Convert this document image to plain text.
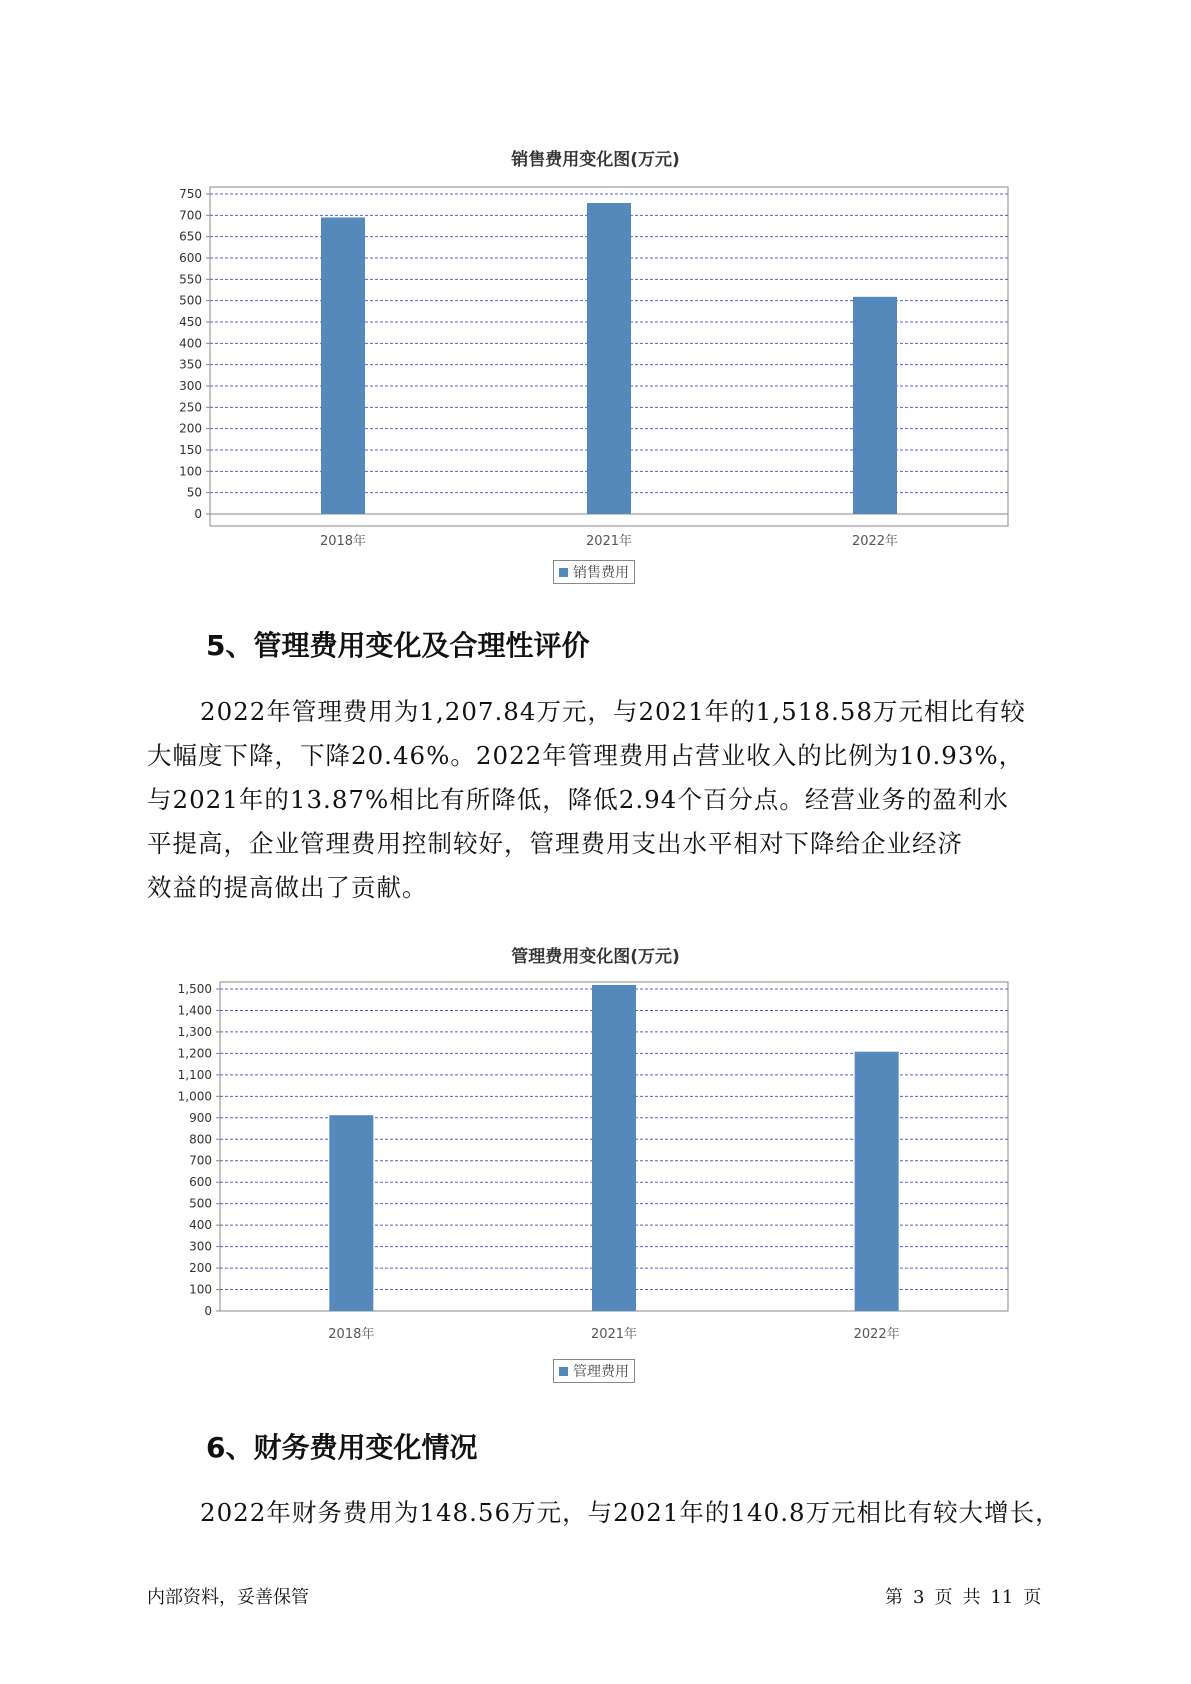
销售费用变化图(万元)
0
50
100
150
200
250
300
350
400
450
500
550
600
650
700
750
2018年	2021年	2022年
销售费用
5、管理费用变化及合理性评价
2022年管理费用为1,207.84万元，与2021年的1,518.58万元相比有较
大幅度下降，下降20.46%。2022年管理费用占营业收入的比例为10.93%，
与2021年的13.87%相比有所降低，降低2.94个百分点。经营业务的盈利水
平提高，企业管理费用控制较好，管理费用支出水平相对下降给企业经济
效益的提高做出了贡献。
管理费用变化图(万元)
0
100
200
300
400
500
600
700
800
900
1,000
1,100
1,200
1,300
1,400
1,500
2018年	2021年	2022年
管理费用
6、财务费用变化情况
2022年财务费用为148.56万元，与2021年的140.8万元相比有较大增长，
内部资料，妥善保管	第 3 页 共 11 页
